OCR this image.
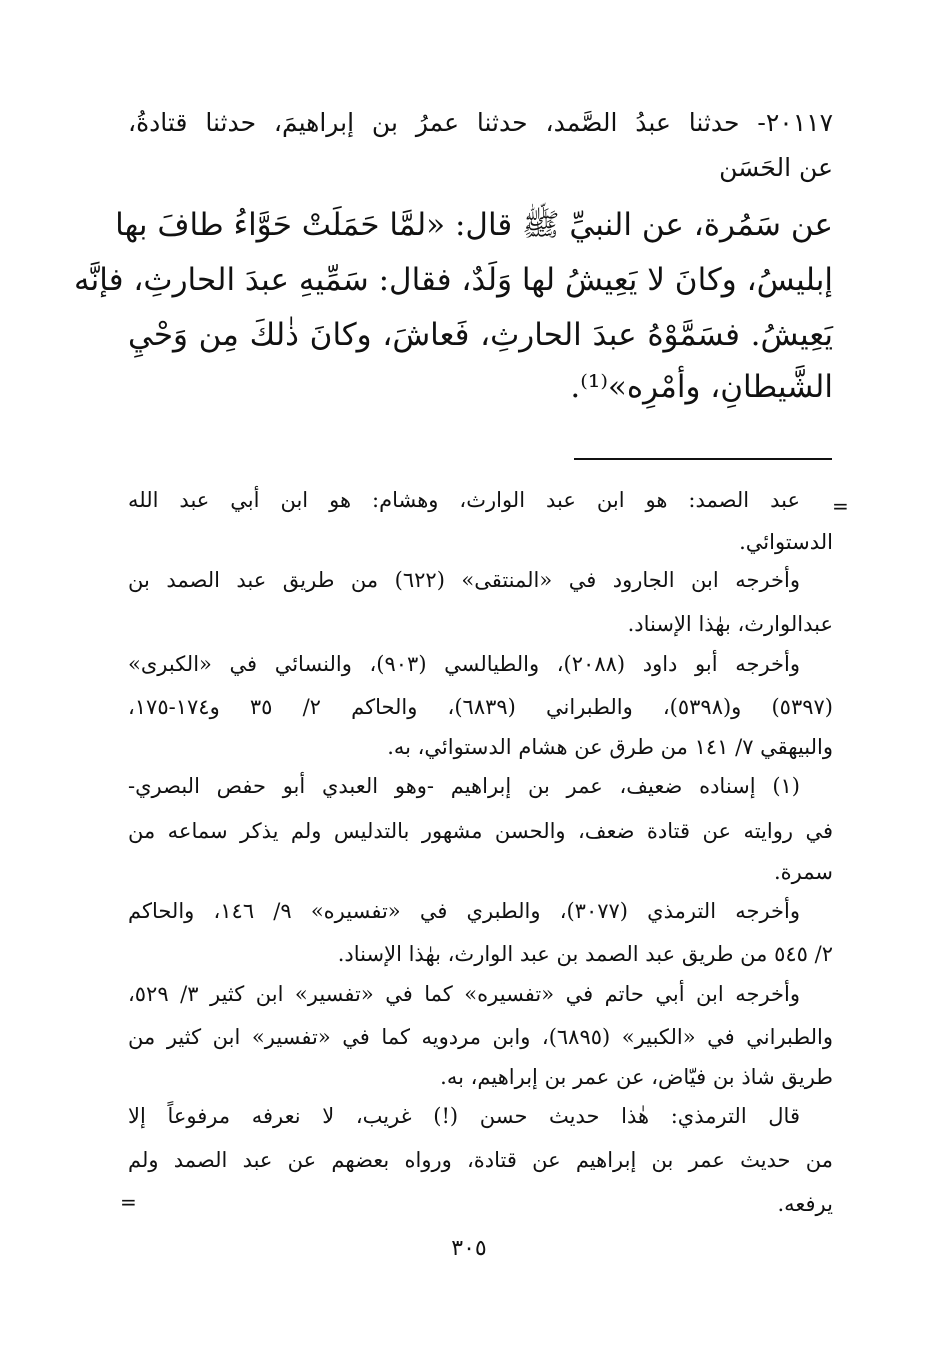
٢٠١١٧- حدثنا عبدُ الصَّمد، حدثنا عمرُ بن إبراهيمَ، حدثنا قتادةُ،
عن الحَسَن
عن سَمُرة، عن النبيِّ ﷺ قال: «لمَّا حَمَلَتْ حَوَّاءُ طافَ بها
إبليسُ، وكانَ لا يَعِيشُ لها وَلَدٌ، فقال: سَمِّيهِ عبدَ الحارثِ، فإنَّه
يَعِيشُ. فسَمَّوْهُ عبدَ الحارثِ، فَعاشَ، وكانَ ذٰلكَ مِن وَحْيِ
الشَّيطانِ، وأمْرِه»⁽¹⁾.
=
=
عبد الصمد: هو ابن عبد الوارث، وهشام: هو ابن أبي عبد الله
الدستوائي.
وأخرجه ابن الجارود في «المنتقى» (٦٢٢) من طريق عبد الصمد بن
عبدالوارث، بهٰذا الإسناد.
وأخرجه أبو داود (٢٠٨٨)، والطيالسي (٩٠٣)، والنسائي في «الكبرى»
(٥٣٩٧) و(٥٣٩٨)، والطبراني (٦٨٣٩)، والحاكم ٢/ ٣٥ و١٧٤-١٧٥،
والبيهقي ٧/ ١٤١ من طرق عن هشام الدستوائي، به.
(١) إسناده ضعيف، عمر بن إبراهيم -وهو العبدي أبو حفص البصري-
في روايته عن قتادة ضعف، والحسن مشهور بالتدليس ولم يذكر سماعه من
سمرة.
وأخرجه الترمذي (٣٠٧٧)، والطبري في «تفسيره» ٩/ ١٤٦، والحاكم
٢/ ٥٤٥ من طريق عبد الصمد بن عبد الوارث، بهٰذا الإسناد.
وأخرجه ابن أبي حاتم في «تفسيره» كما في «تفسير» ابن كثير ٣/ ٥٢٩،
والطبراني في «الكبير» (٦٨٩٥)، وابن مردويه كما في «تفسير» ابن كثير من
طريق شاذ بن فيّاض، عن عمر بن إبراهيم، به.
قال الترمذي: هٰذا حديث حسن (!) غريب، لا نعرفه مرفوعاً إلا
من حديث عمر بن إبراهيم عن قتادة، ورواه بعضهم عن عبد الصمد ولم
يرفعه.
٣٠٥
